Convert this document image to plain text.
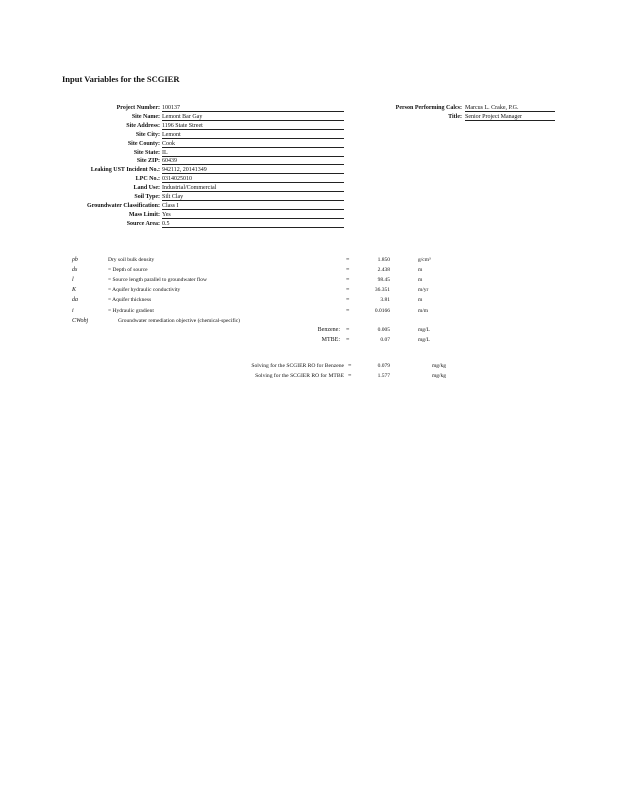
Input Variables for the SCGIER
Project Number: 100137
Site Name: Lemont Bar Gay
Site Address: 1196 State Street
Site City: Lemont
Site County: Cook
Site State: IL
Site ZIP: 60439
Leaking UST Incident No.: 942112, 20141349
LPC No.: 0314025010
Land Use: Industrial/Commercial
Soil Type: Silt Clay
Groundwater Classification: Class I
Mass Limit: Yes
Source Area: 0.5
Person Performing Calcs: Marcus L. Crake, P.G.
Title: Senior Project Manager
ρb	Dry soil bulk density	=	1.850	g/cm³
ds	= Depth of source	=	2.438	m
l	= Source length parallel to groundwater flow	=	98.45	m
K	= Aquifer hydraulic conductivity	=	36.351	m/yr
da	= Aquifer thickness	=	3.81	m
i	= Hydraulic gradient	=	0.0166	m/m
CWobj	Groundwater remediation objective (chemical-specific)
Benzene: =	0.005	mg/L
MTBE: =	0.07	mg/L
Solving for the SCGIER RO for Benzene =	0.079	mg/kg
Solving for the SCGIER RO for MTBE =	1.577	mg/kg
